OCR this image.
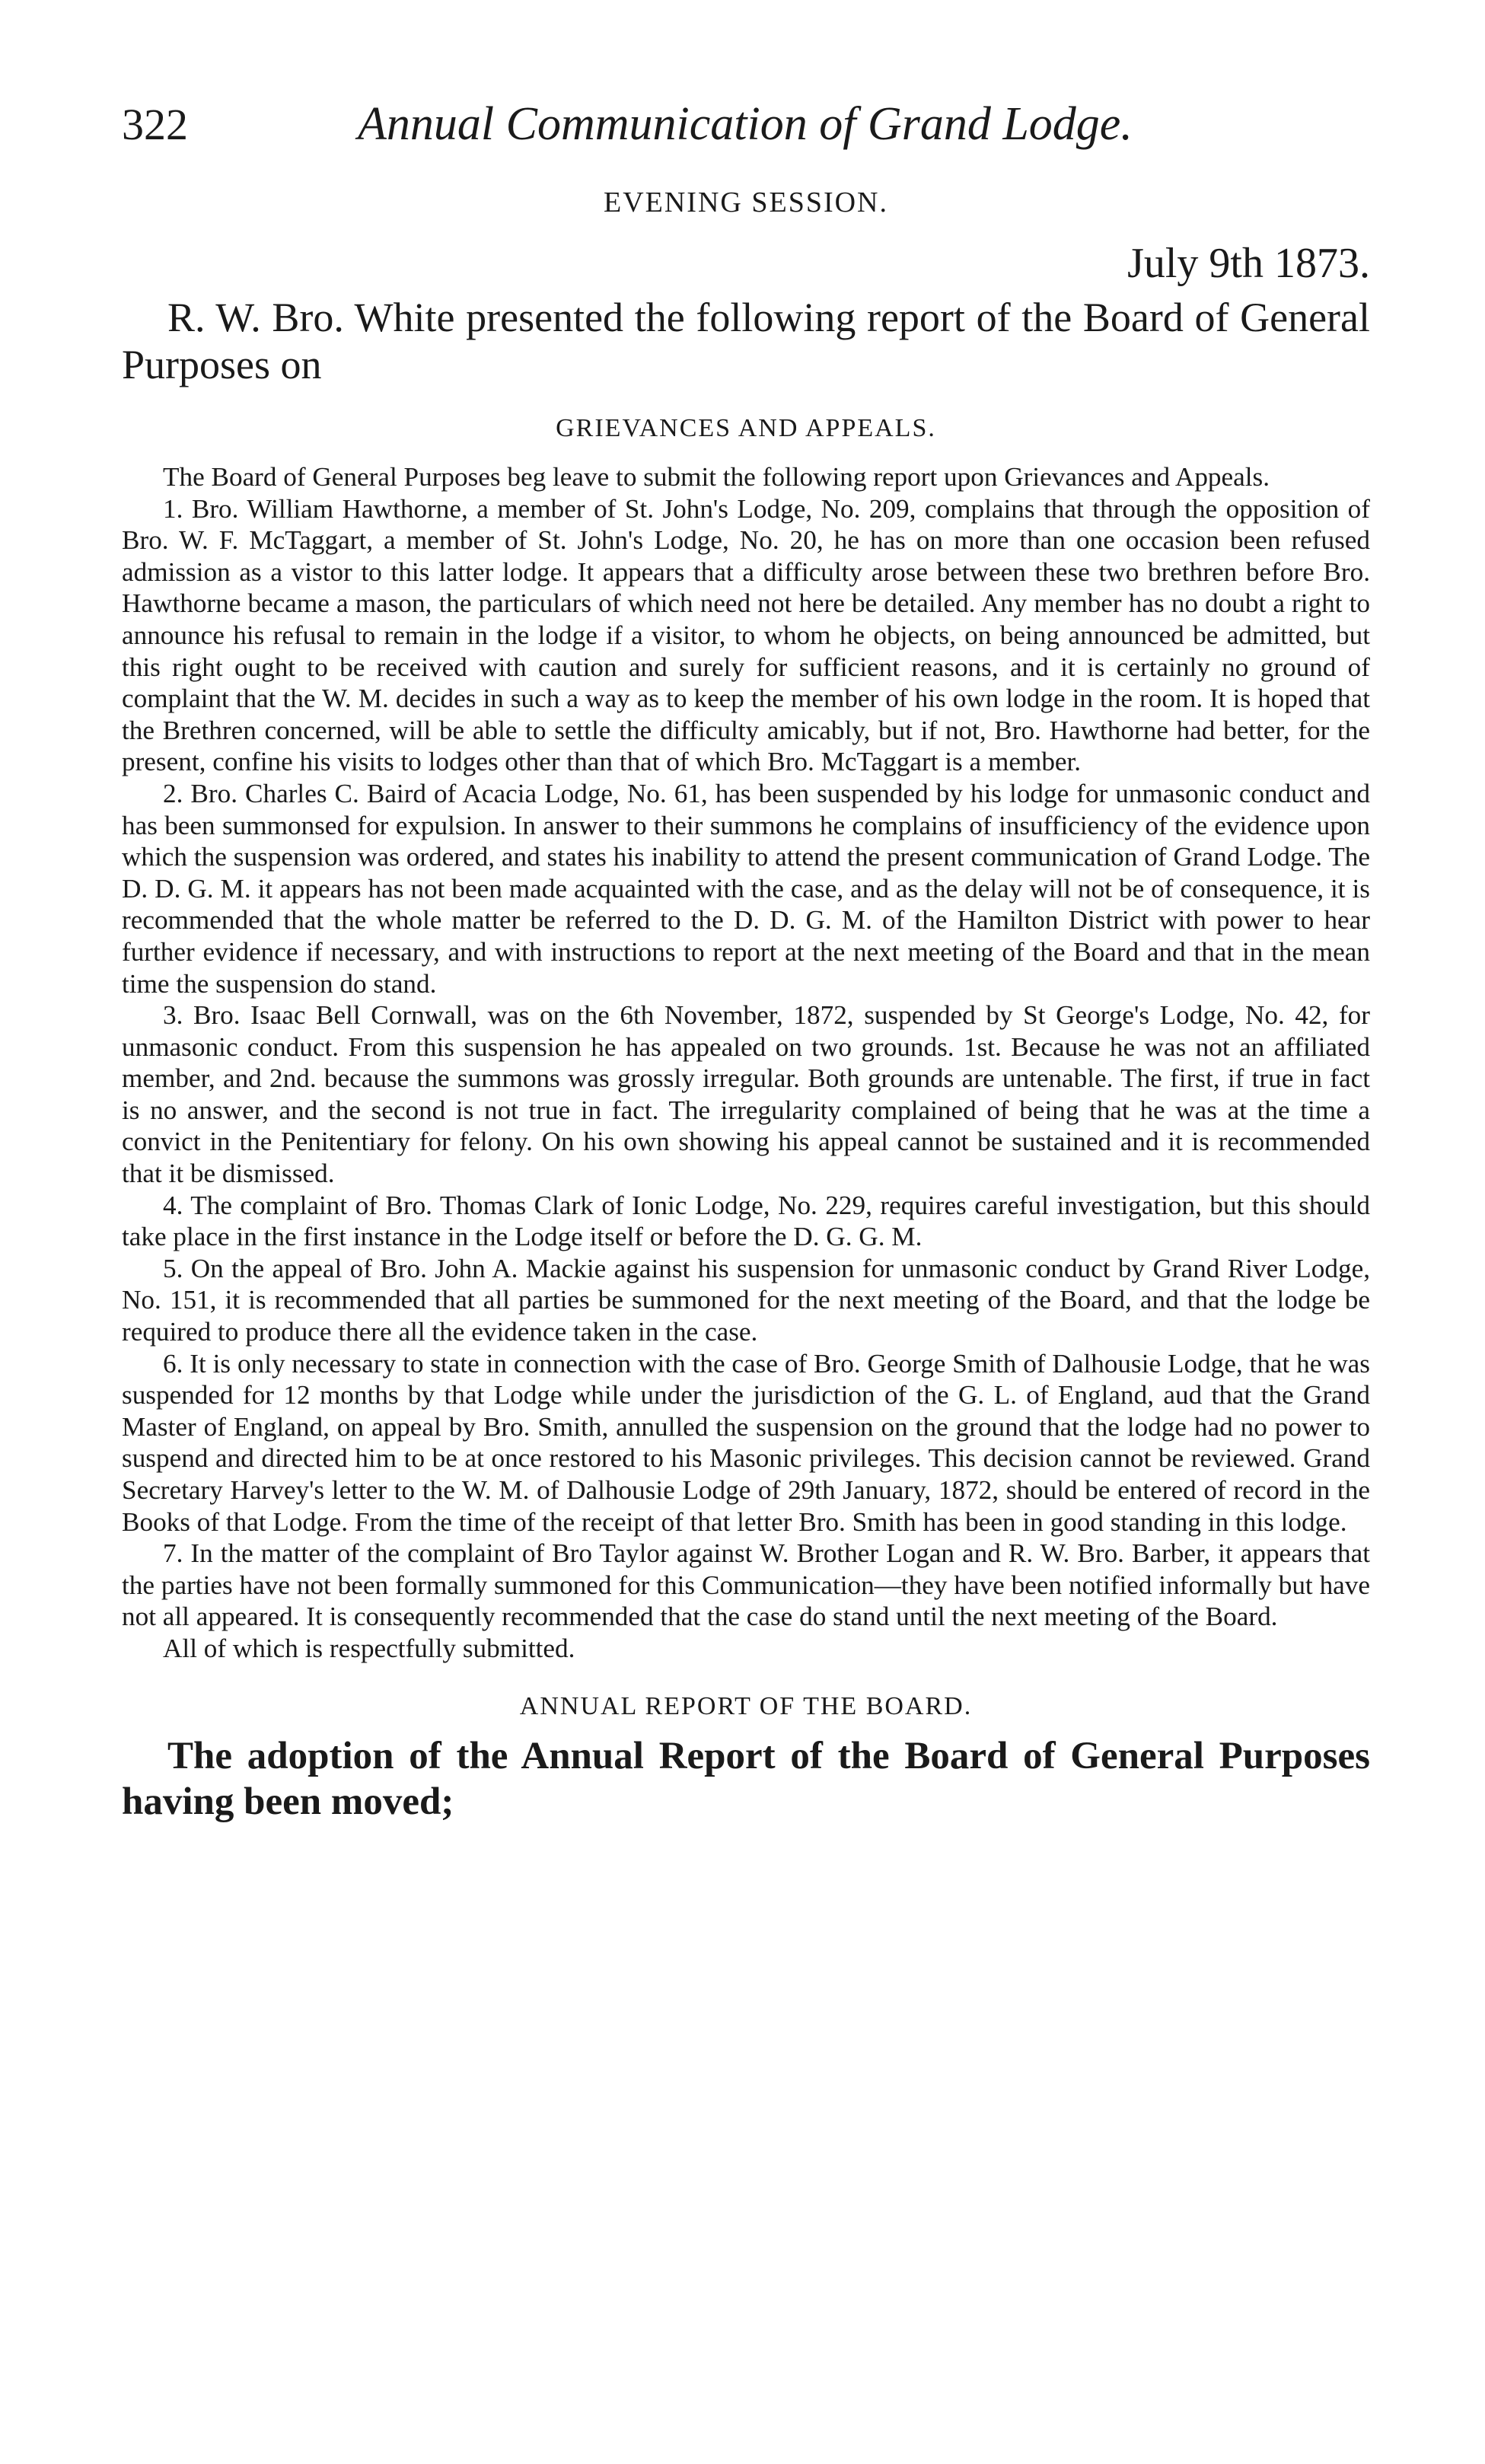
322	Annual Communication of Grand Lodge.
EVENING SESSION.
July 9th 1873.
R. W. Bro. White presented the following report of the Board of General Purposes on
GRIEVANCES AND APPEALS.

The Board of General Purposes beg leave to submit the following report upon Grievances and Appeals.

1. Bro. William Hawthorne, a member of St. John's Lodge, No. 209, complains that through the opposition of Bro. W. F. McTaggart, a member of St. John's Lodge, No. 20, he has on more than one occasion been refused admission as a vistor to this latter lodge. It appears that a difficulty arose between these two brethren before Bro. Hawthorne became a mason, the particulars of which need not here be detailed. Any member has no doubt a right to announce his refusal to remain in the lodge if a visitor, to whom he objects, on being announced be admitted, but this right ought to be received with caution and surely for sufficient reasons, and it is certainly no ground of complaint that the W. M. decides in such a way as to keep the member of his own lodge in the room. It is hoped that the Brethren concerned, will be able to settle the difficulty amicably, but if not, Bro. Hawthorne had better, for the present, confine his visits to lodges other than that of which Bro. McTaggart is a member.

2. Bro. Charles C. Baird of Acacia Lodge, No. 61, has been suspended by his lodge for unmasonic conduct and has been summonsed for expulsion. In answer to their summons he complains of insufficiency of the evidence upon which the suspension was ordered, and states his inability to attend the present communication of Grand Lodge. The D. D. G. M. it appears has not been made acquainted with the case, and as the delay will not be of consequence, it is recommended that the whole matter be referred to the D. D. G. M. of the Hamilton District with power to hear further evidence if necessary, and with instructions to report at the next meeting of the Board and that in the mean time the suspension do stand.

3. Bro. Isaac Bell Cornwall, was on the 6th November, 1872, suspended by St George's Lodge, No. 42, for unmasonic conduct. From this suspension he has appealed on two grounds. 1st. Because he was not an affiliated member, and 2nd. because the summons was grossly irregular. Both grounds are untenable. The first, if true in fact is no answer, and the second is not true in fact. The irregularity complained of being that he was at the time a convict in the Penitentiary for felony. On his own showing his appeal cannot be sustained and it is recommended that it be dismissed.

4. The complaint of Bro. Thomas Clark of Ionic Lodge, No. 229, requires careful investigation, but this should take place in the first instance in the Lodge itself or before the D. G. G. M.

5. On the appeal of Bro. John A. Mackie against his suspension for unmasonic conduct by Grand River Lodge, No. 151, it is recommended that all parties be summoned for the next meeting of the Board, and that the lodge be required to produce there all the evidence taken in the case.

6. It is only necessary to state in connection with the case of Bro. George Smith of Dalhousie Lodge, that he was suspended for 12 months by that Lodge while under the jurisdiction of the G. L. of England, aud that the Grand Master of England, on appeal by Bro. Smith, annulled the suspension on the ground that the lodge had no power to suspend and directed him to be at once restored to his Masonic privileges. This decision cannot be reviewed. Grand Secretary Harvey's letter to the W. M. of Dalhousie Lodge of 29th January, 1872, should be entered of record in the Books of that Lodge. From the time of the receipt of that letter Bro. Smith has been in good standing in this lodge.

7. In the matter of the complaint of Bro Taylor against W. Brother Logan and R. W. Bro. Barber, it appears that the parties have not been formally summoned for this Communication—they have been notified informally but have not all appeared. It is consequently recommended that the case do stand until the next meeting of the Board.

All of which is respectfully submitted.

ANNUAL REPORT OF THE BOARD.
The adoption of the Annual Report of the Board of General Purposes having been moved;
